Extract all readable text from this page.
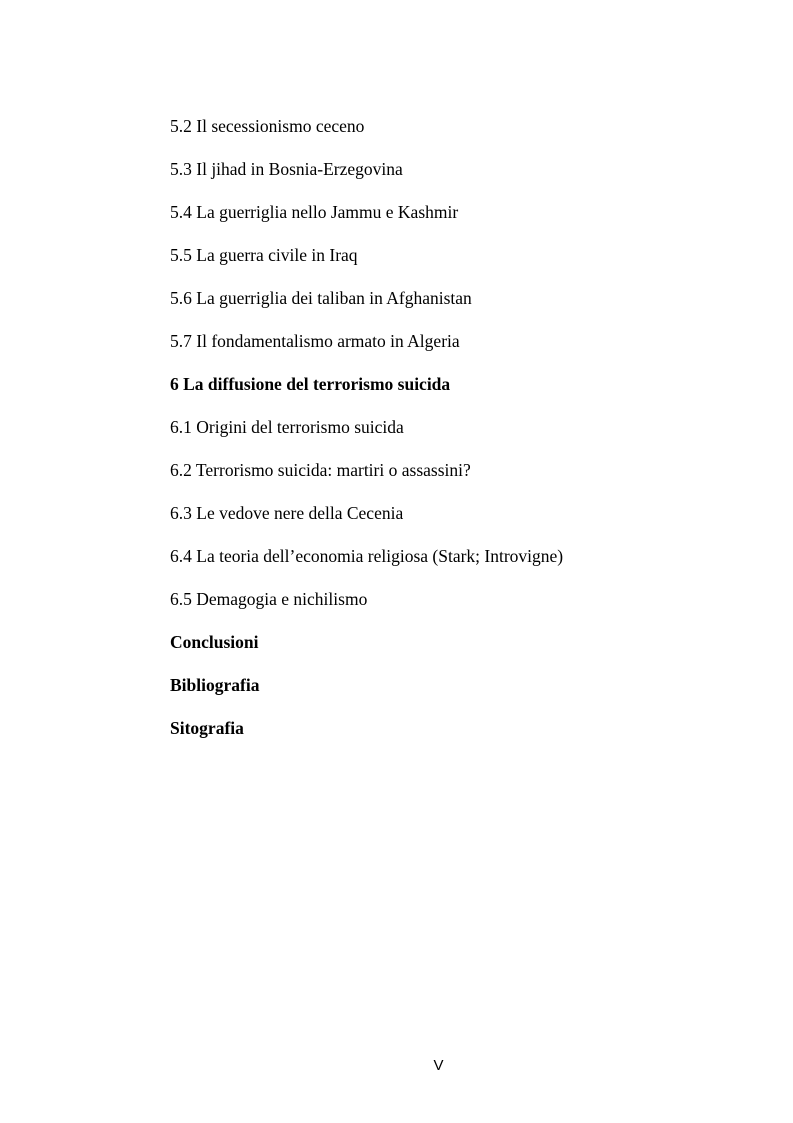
5.2 Il secessionismo ceceno
5.3 Il jihad in Bosnia-Erzegovina
5.4 La guerriglia nello Jammu e Kashmir
5.5 La guerra civile in Iraq
5.6 La guerriglia dei taliban in Afghanistan
5.7 Il fondamentalismo armato in Algeria
6 La diffusione del terrorismo suicida
6.1 Origini del terrorismo suicida
6.2 Terrorismo suicida: martiri o assassini?
6.3 Le vedove nere della Cecenia
6.4 La teoria dell’economia religiosa (Stark; Introvigne)
6.5 Demagogia e nichilismo
Conclusioni
Bibliografia
Sitografia
V
